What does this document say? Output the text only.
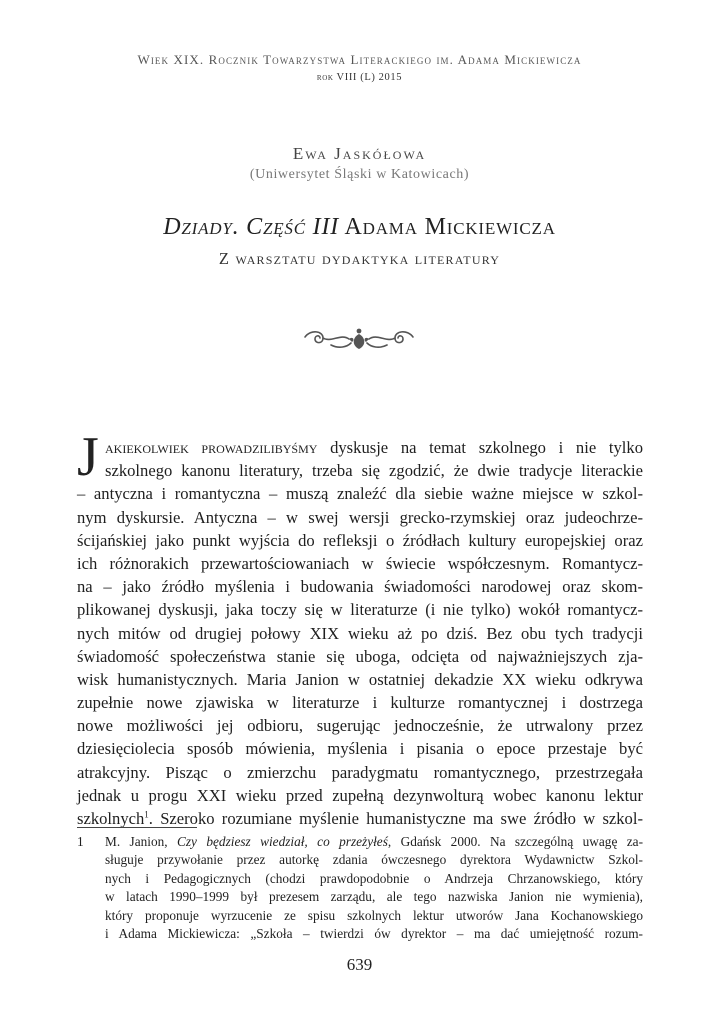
Wiek XIX. Rocznik Towarzystwa Literackiego im. Adama Mickiewicza
rok VIII (L) 2015
Ewa Jaskółowa
(Uniwersytet Śląski w Katowicach)
Dziady. Część III Adama Mickiewicza
Z warsztatu dydaktyka literatury
J akiekolwiek prowadzilibyśmy dyskusje na temat szkolnego i nie tylko
szkolnego kanonu literatury, trzeba się zgodzić, że dwie tradycje literackie
– antyczna i romantyczna – muszą znaleźć dla siebie ważne miejsce w szkol-
nym dyskursie. Antyczna – w swej wersji grecko-rzymskiej oraz judeochrze-
ścijańskiej jako punkt wyjścia do refleksji o źródłach kultury europejskiej oraz
ich różnorakich przewartościowaniach w świecie współczesnym. Romantycz-
na – jako źródło myślenia i budowania świadomości narodowej oraz skom-
plikowanej dyskusji, jaka toczy się w literaturze (i nie tylko) wokół romantycz-
nych mitów od drugiej połowy XIX wieku aż po dziś. Bez obu tych tradycji
świadomość społeczeństwa stanie się uboga, odcięta od najważniejszych zja-
wisk humanistycznych. Maria Janion w ostatniej dekadzie XX wieku odkrywa
zupełnie nowe zjawiska w literaturze i kulturze romantycznej i dostrzega
nowe możliwości jej odbioru, sugerując jednocześnie, że utrwalony przez
dziesięciolecia sposób mówienia, myślenia i pisania o epoce przestaje być
atrakcyjny. Pisząc o zmierzchu paradygmatu romantycznego, przestrzegała
jednak u progu XXI wieku przed zupełną dezynwolturą wobec kanonu lektur
szkolnych$^1$. Szeroko rozumiane myślenie humanistyczne ma swe źródło w szkol-
1 M. Janion, Czy będziesz wiedział, co przeżyłeś, Gdańsk 2000. Na szczególną uwagę za-
sługuje przywołanie przez autorkę zdania ówczesnego dyrektora Wydawnictw Szkol-
nych i Pedagogicznych (chodzi prawdopodobnie o Andrzeja Chrzanowskiego, który
w latach 1990–1999 był prezesem zarządu, ale tego nazwiska Janion nie wymienia),
który proponuje wyrzucenie ze spisu szkolnych lektur utworów Jana Kochanowskiego
i Adama Mickiewicza: „Szkoła – twierdzi ów dyrektor – ma dać umiejętność rozum-
639
